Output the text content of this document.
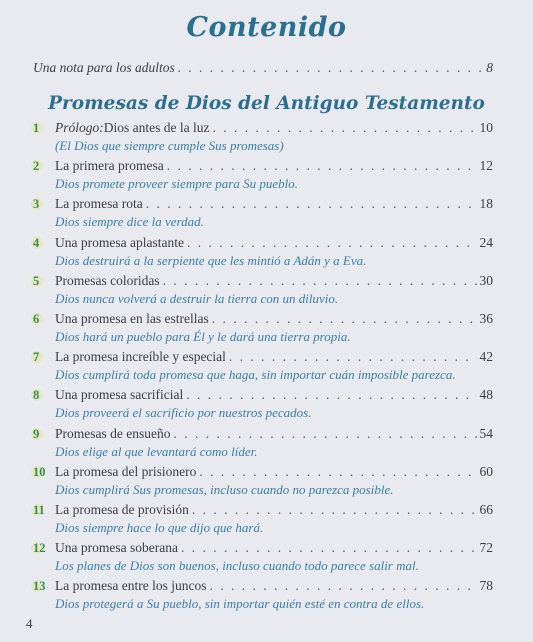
Contenido
Una nota para los adultos . . .	8
Promesas de Dios del Antiguo Testamento
1	Prólogo:Dios antes de la luz . . .	10
(El Dios que siempre cumple Sus promesas)
2	La primera promesa . . .	12
Dios promete proveer siempre para Su pueblo.
3	La promesa rota . . .	18
Dios siempre dice la verdad.
4	Una promesa aplastante . . .	24
Dios destruirá a la serpiente que les mintió a Adán y a Eva.
5	Promesas coloridas . . .	30
Dios nunca volverá a destruir la tierra con un diluvio.
6	Una promesa en las estrellas . . .	36
Dios hará un pueblo para Él y le dará una tierra propia.
7	La promesa increíble y especial . . .	42
Dios cumplirá toda promesa que haga, sin importar cuán imposible parezca.
8	Una promesa sacrificial . . .	48
Dios proveerá el sacrificio por nuestros pecados.
9	Promesas de ensueño . . .	54
Dios elige al que levantará como líder.
10 La promesa del prisionero . . .	60
Dios cumplirá Sus promesas, incluso cuando no parezca posible.
11 La promesa de provisión . . .	66
Dios siempre hace lo que dijo que hará.
12 Una promesa soberana . . .	72
Los planes de Dios son buenos, incluso cuando todo parece salir mal.
13 La promesa entre los juncos . . .	78
Dios protegerá a Su pueblo, sin importar quién esté en contra de ellos.
4
